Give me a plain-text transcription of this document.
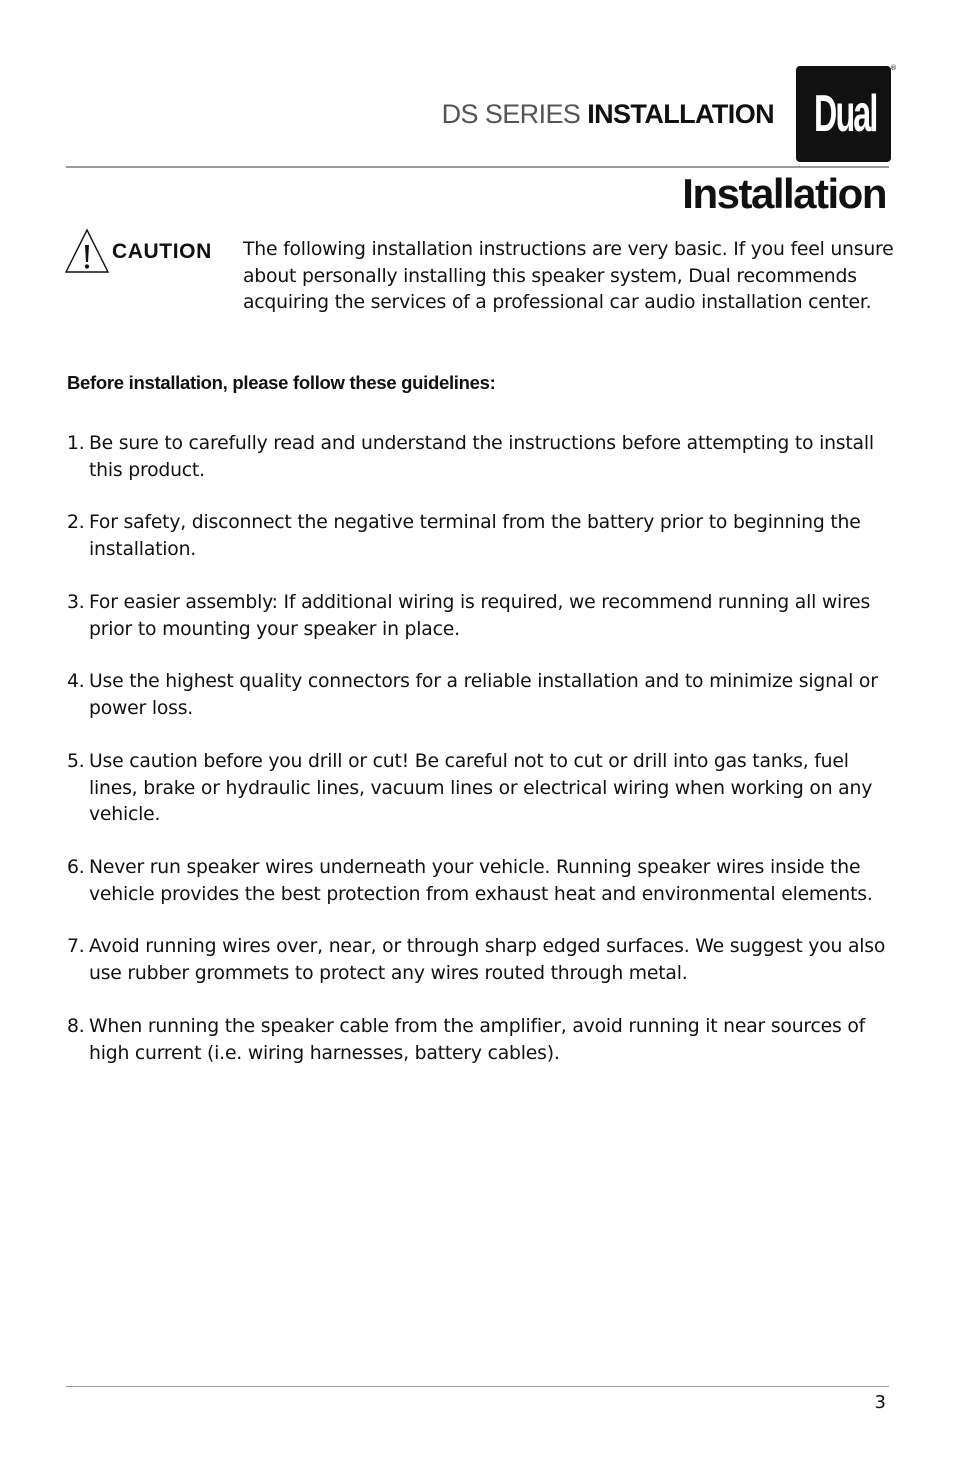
DS SERIES INSTALLATION Dual
®
Installation
CAUTION The following installation instructions are very basic. If you feel unsure about personally installing this speaker system, Dual recommends acquiring the services of a professional car audio installation center.
Before installation, please follow these guidelines:
1. Be sure to carefully read and understand the instructions before attempting to install this product.
2. For safety, disconnect the negative terminal from the battery prior to beginning the installation.
3. For easier assembly: If additional wiring is required, we recommend running all wires prior to mounting your speaker in place.
4. Use the highest quality connectors for a reliable installation and to minimize signal or power loss.
5. Use caution before you drill or cut! Be careful not to cut or drill into gas tanks, fuel lines, brake or hydraulic lines, vacuum lines or electrical wiring when working on any vehicle.
6. Never run speaker wires underneath your vehicle. Running speaker wires inside the vehicle provides the best protection from exhaust heat and environmental elements.
7. Avoid running wires over, near, or through sharp edged surfaces. We suggest you also use rubber grommets to protect any wires routed through metal.
8. When running the speaker cable from the amplifier, avoid running it near sources of high current (i.e. wiring harnesses, battery cables).
3
